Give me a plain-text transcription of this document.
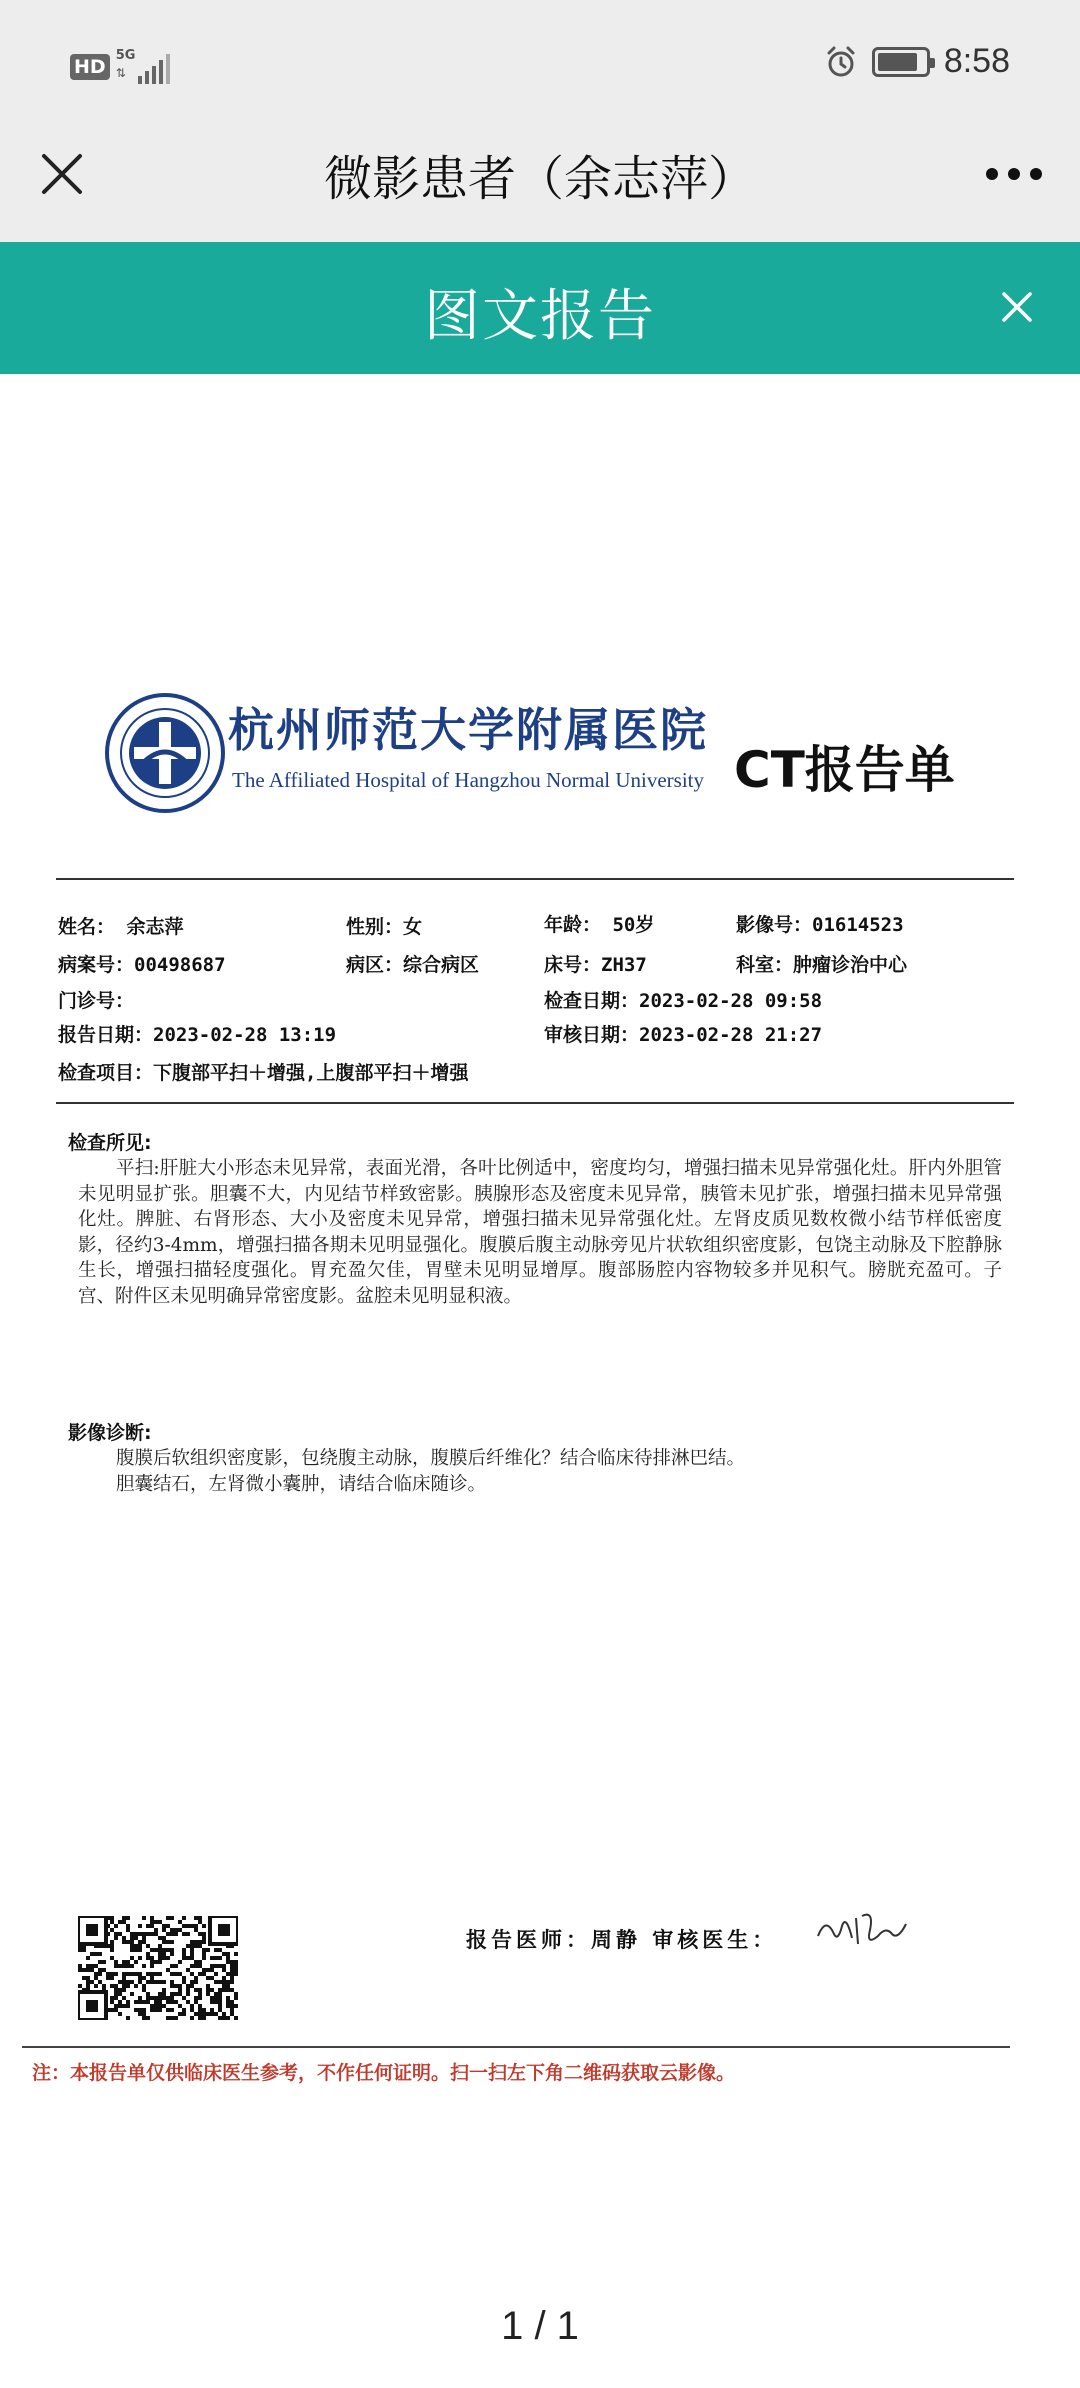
HD
5G
⇅	8:58
微影患者（余志萍）
图文报告
杭州师范大学附属医院
The Affiliated Hospital of Hangzhou Normal University CT报告单
姓名： 余志萍	性别：女	年龄： 50岁	影像号：01614523
病案号：00498687	病区：综合病区	床号：ZH37	科室：肿瘤诊治中心
门诊号：	检查日期：2023-02-28 09:58
报告日期：2023-02-28 13:19	审核日期：2023-02-28 21:27
检查项目：下腹部平扫＋增强,上腹部平扫＋增强
检查所见:
平扫:肝脏大小形态未见异常，表面光滑，各叶比例适中，密度均匀，增强扫描未见异常强化灶。肝内外胆管未见明显扩张。胆囊不大，内见结节样致密影。胰腺形态及密度未见异常，胰管未见扩张，增强扫描未见异常强化灶。脾脏、右肾形态、大小及密度未见异常，增强扫描未见异常强化灶。左肾皮质见数枚微小结节样低密度影，径约3-4mm，增强扫描各期未见明显强化。腹膜后腹主动脉旁见片状软组织密度影，包饶主动脉及下腔静脉生长，增强扫描轻度强化。胃充盈欠佳，胃壁未见明显增厚。腹部肠腔内容物较多并见积气。膀胱充盈可。子宫、附件区未见明确异常密度影。盆腔未见明显积液。
影像诊断:
腹膜后软组织密度影，包绕腹主动脉，腹膜后纤维化？结合临床待排淋巴结。
胆囊结石，左肾微小囊肿，请结合临床随诊。
报告医师：周静 审核医生：
注：本报告单仅供临床医生参考，不作任何证明。扫一扫左下角二维码获取云影像。
1 / 1
